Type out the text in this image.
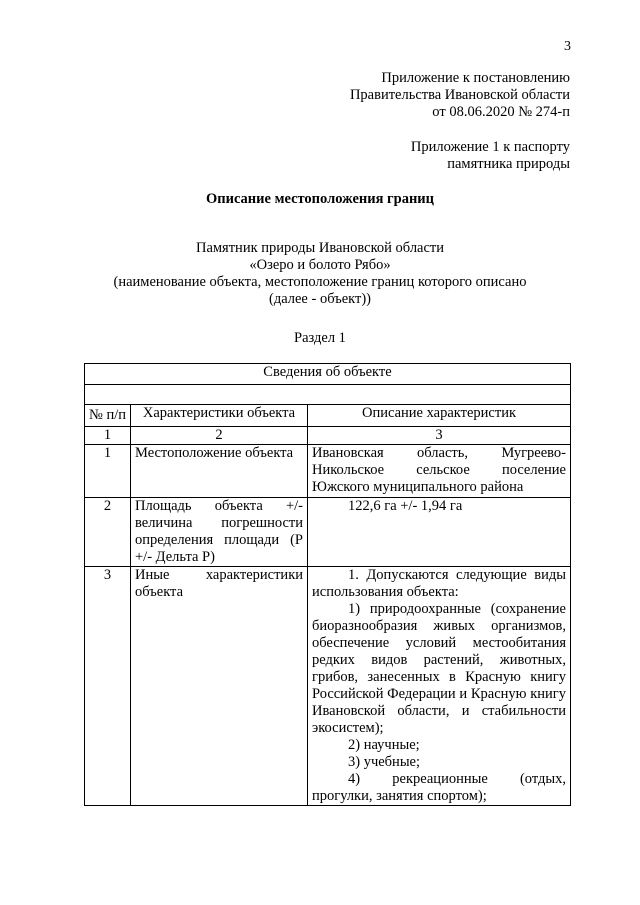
3
Приложение к постановлению
Правительства Ивановской области
от 08.06.2020 № 274-п
Приложение 1 к паспорту
памятника природы
Описание местоположения границ
Памятник природы Ивановской области
«Озеро и болото Рябо»
(наименование объекта, местоположение границ которого описано
(далее - объект))
Раздел 1
Сведения об объекте		

№ п/п	Характеристики объекта	Описание характеристик
1	2	3
1	Местоположение объекта	Ивановская область, Мугреево-Никольское сельское поселение Южского муниципального района
2	Площадь объекта +/- величина погрешности определения площади (Р +/- Дельта Р)	122,6 га +/- 1,94 га
3	Иные характеристики объекта	1. Допускаются следующие виды использования объекта:
1) природоохранные (сохранение биоразнообразия живых организмов, обеспечение условий местообитания редких видов растений, животных, грибов, занесенных в Красную книгу Российской Федерации и Красную книгу Ивановской области, и стабильности экосистем);
2) научные;
3) учебные;
4) рекреационные (отдых, прогулки, занятия спортом);
